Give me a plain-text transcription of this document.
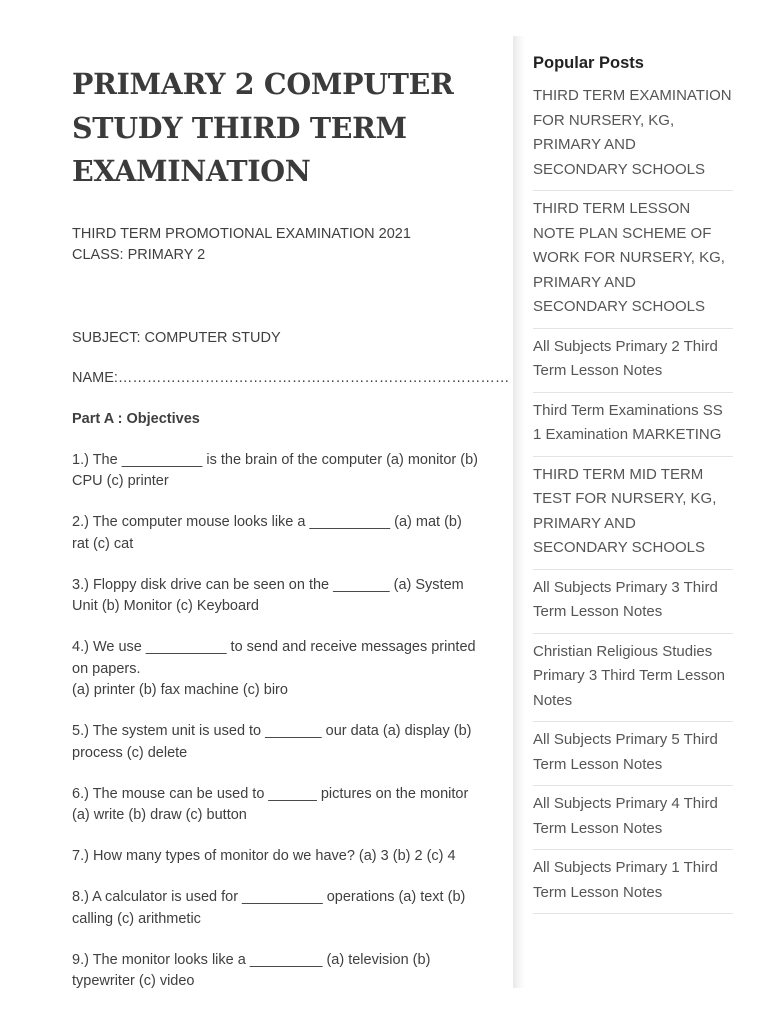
PRIMARY 2 COMPUTER STUDY THIRD TERM EXAMINATION

THIRD TERM PROMOTIONAL EXAMINATION 2021

CLASS: PRIMARY 2

SUBJECT: COMPUTER STUDY

NAME:………………………………………………………………………

Part A : Objectives

1.) The __________ is the brain of the computer (a) monitor (b) CPU (c) printer

2.) The computer mouse looks like a __________ (a) mat (b) rat (c) cat

3.) Floppy disk drive can be seen on the _______ (a) System Unit (b) Monitor (c) Keyboard

4.) We use __________ to send and receive messages printed on papers.

(a) printer (b) fax machine (c) biro

5.) The system unit is used to _______ our data (a) display (b) process (c) delete

6.) The mouse can be used to ______ pictures on the monitor (a) write (b) draw (c) button

7.) How many types of monitor do we have? (a) 3 (b) 2 (c) 4

8.) A calculator is used for __________ operations (a) text (b) calling (c) arithmetic

9.) The monitor looks like a _________ (a) television (b) typewriter (c) video

Popular Posts
THIRD TERM EXAMINATION FOR NURSERY, KG, PRIMARY AND SECONDARY SCHOOLS
THIRD TERM LESSON NOTE PLAN SCHEME OF WORK FOR NURSERY, KG, PRIMARY AND SECONDARY SCHOOLS
All Subjects Primary 2 Third Term Lesson Notes
Third Term Examinations SS 1 Examination MARKETING
THIRD TERM MID TERM TEST FOR NURSERY, KG, PRIMARY AND SECONDARY SCHOOLS
All Subjects Primary 3 Third Term Lesson Notes
Christian Religious Studies Primary 3 Third Term Lesson Notes
All Subjects Primary 5 Third Term Lesson Notes
All Subjects Primary 4 Third Term Lesson Notes
All Subjects Primary 1 Third Term Lesson Notes
